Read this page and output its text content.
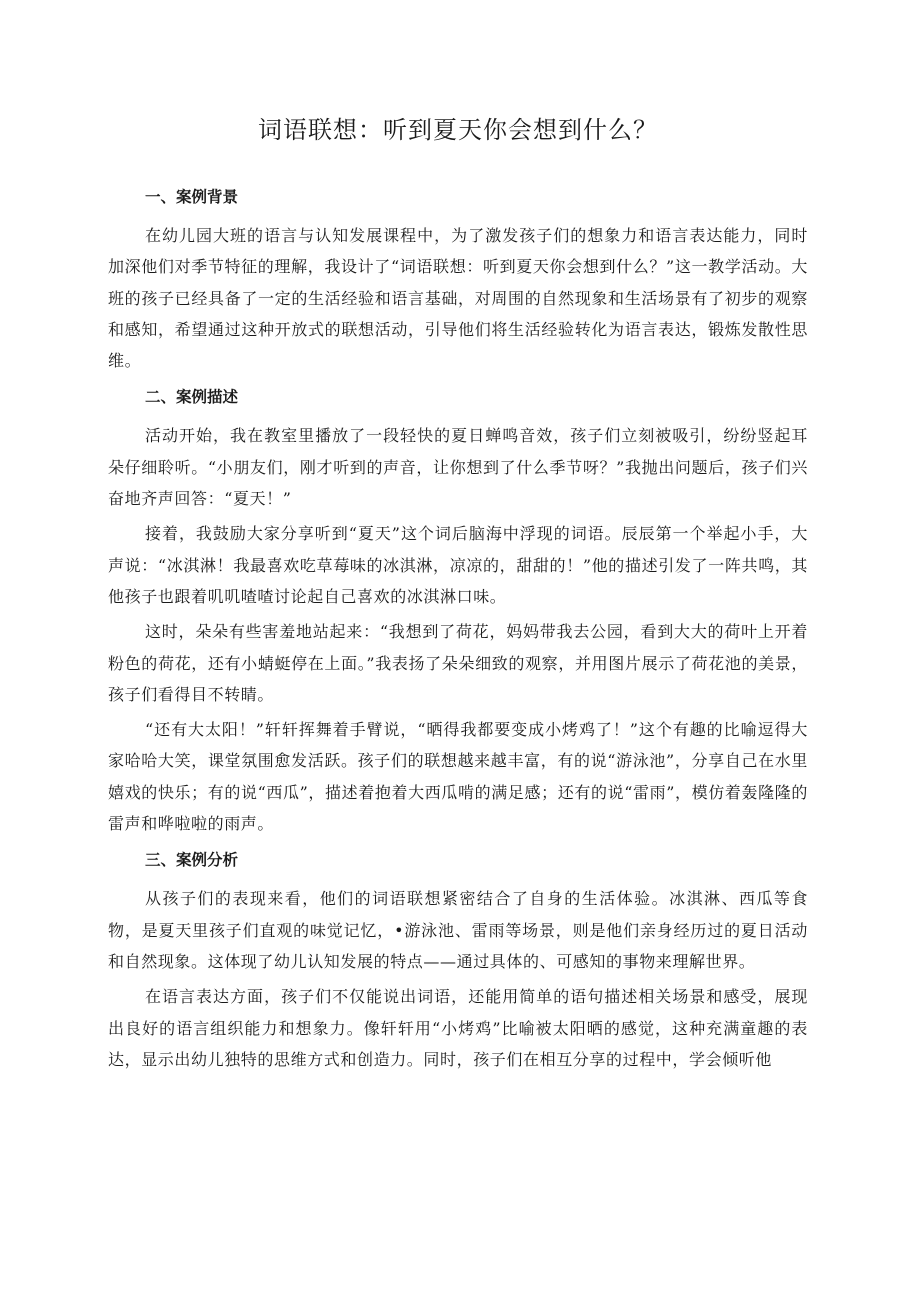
词语联想：听到夏天你会想到什么？
一、案例背景

在幼儿园大班的语言与认知发展课程中，为了激发孩子们的想象力和语言表达能力，同时加深他们对季节特征的理解，我设计了“词语联想：听到夏天你会想到什么？”这一教学活动。大班的孩子已经具备了一定的生活经验和语言基础，对周围的自然现象和生活场景有了初步的观察和感知，希望通过这种开放式的联想活动，引导他们将生活经验转化为语言表达，锻炼发散性思维。

二、案例描述

活动开始，我在教室里播放了一段轻快的夏日蝉鸣音效，孩子们立刻被吸引，纷纷竖起耳朵仔细聆听。“小朋友们，刚才听到的声音，让你想到了什么季节呀？”我抛出问题后，孩子们兴奋地齐声回答：“夏天！”

接着，我鼓励大家分享听到“夏天”这个词后脑海中浮现的词语。辰辰第一个举起小手，大声说：“冰淇淋！我最喜欢吃草莓味的冰淇淋，凉凉的，甜甜的！”他的描述引发了一阵共鸣，其他孩子也跟着叽叽喳喳讨论起自己喜欢的冰淇淋口味。

这时，朵朵有些害羞地站起来：“我想到了荷花，妈妈带我去公园，看到大大的荷叶上开着粉色的荷花，还有小蜻蜓停在上面。”我表扬了朵朵细致的观察，并用图片展示了荷花池的美景，孩子们看得目不转睛。

“还有大太阳！”轩轩挥舞着手臂说，“晒得我都要变成小烤鸡了！”这个有趣的比喻逗得大家哈哈大笑，课堂氛围愈发活跃。孩子们的联想越来越丰富，有的说“游泳池”，分享自己在水里嬉戏的快乐；有的说“西瓜”，描述着抱着大西瓜啃的满足感；还有的说“雷雨”，模仿着轰隆隆的雷声和哗啦啦的雨声。

三、案例分析

从孩子们的表现来看，他们的词语联想紧密结合了自身的生活体验。冰淇淋、西瓜等食物，是夏天里孩子们直观的味觉记忆，•游泳池、雷雨等场景，则是他们亲身经历过的夏日活动和自然现象。这体现了幼儿认知发展的特点——通过具体的、可感知的事物来理解世界。

在语言表达方面，孩子们不仅能说出词语，还能用简单的语句描述相关场景和感受，展现出良好的语言组织能力和想象力。像轩轩用“小烤鸡”比喻被太阳晒的感觉，这种充满童趣的表达，显示出幼儿独特的思维方式和创造力。同时，孩子们在相互分享的过程中，学会倾听他
